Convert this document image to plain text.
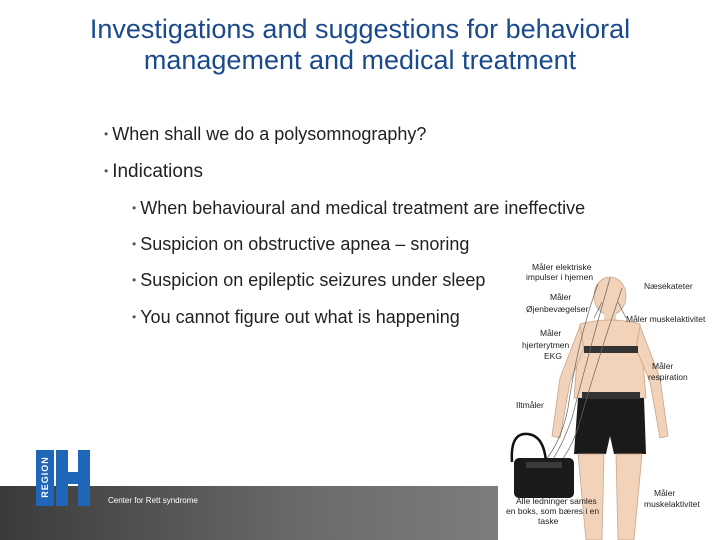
Investigations and suggestions for behavioral
management and medical treatment
• When shall we do a polysomnography?
• Indications
• When behavioural and medical treatment are ineffective
• Suspicion on obstructive apnea – snoring
• Suspicion on epileptic seizures under sleep
• You cannot figure out what is happening
Center for Rett syndrome
REGION
Måler elektriske
impulser i hjernen
Næsekateter
Måler
Øjenbevægelser
Måler muskelaktivitet
Måler
hjerterytmen
EKG
Måler
respiration
Iltmåler
Alle ledninger samles
en boks, som bæres i en
taske
Måler
muskelaktivitet
